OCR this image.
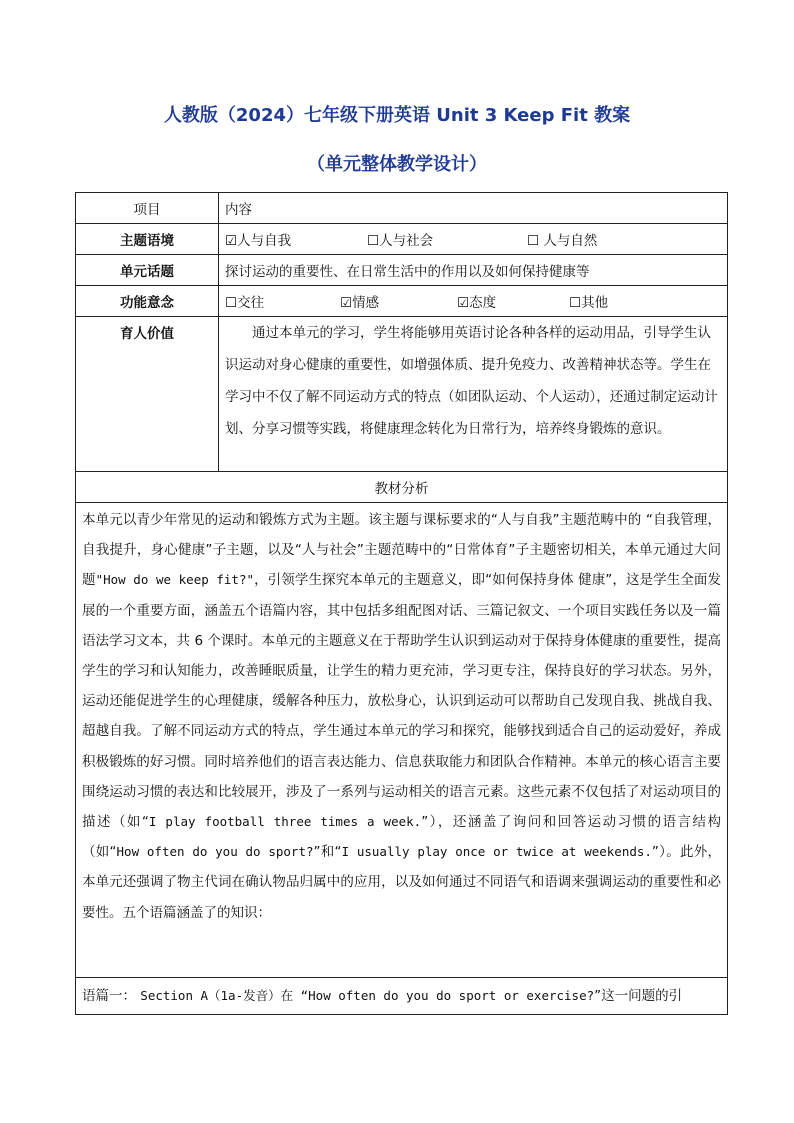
人教版（2024）七年级下册英语 Unit 3 Keep Fit 教案
（单元整体教学设计）
项目	内容
主题语境	☑人与自我 ☐人与社会 ☐ 人与自然
单元话题	探讨运动的重要性、在日常生活中的作用以及如何保持健康等
功能意念	☐交往 ☑情感 ☑态度 ☐其他
育人价值	通过本单元的学习，学生将能够用英语讨论各种各样的运动用品，引导学生认识运动对身心健康的重要性，如增强体质、提升免疫力、改善精神状态等。学生在学习中不仅了解不同运动方式的特点（如团队运动、个人运动），还通过制定运动计划、分享习惯等实践，将健康理念转化为日常行为，培养终身锻炼的意识。
教材分析	

本单元以青少年常见的运动和锻炼方式为主题。该主题与课标要求的“人与自我”主题范畴中的 “自我管理，自我提升，身心健康”子主题，以及“人与社会”主题范畴中的“日常体育”子主题密切相关，本单元通过大问题"How do we keep fit?"，引领学生探究本单元的主题意义，即“如何保持身体 健康”，这是学生全面发展的一个重要方面，涵盖五个语篇内容，其中包括多组配图对话、三篇记叙文、一个项目实践任务以及一篇语法学习文本，共 6 个课时。本单元的主题意义在于帮助学生认识到运动对于保持身体健康的重要性，提高学生的学习和认知能力，改善睡眠质量，让学生的精力更充沛，学习更专注，保持良好的学习状态。另外，运动还能促进学生的心理健康，缓解各种压力，放松身心，认识到运动可以帮助自己发现自我、挑战自我、超越自我。了解不同运动方式的特点，学生通过本单元的学习和探究，能够找到适合自己的运动爱好，养成积极锻炼的好习惯。同时培养他们的语言表达能力、信息获取能力和团队合作精神。本单元的核心语言主要围绕运动习惯的表达和比较展开，涉及了一系列与运动相关的语言元素。这些元素不仅包括了对运动项目的描述（如“I play football three times a week.”），还涵盖了询问和回答运动习惯的语言结构（如“How often do you do sport?”和“I usually play once or twice at weekends.”）。此外，本单元还强调了物主代词在确认物品归属中的应用，以及如何通过不同语气和语调来强调运动的重要性和必要性。五个语篇涵盖了的知识：	

语篇一： Section A（1a-发音）在 “How often do you do sport or exercise?”这一问题的引	
